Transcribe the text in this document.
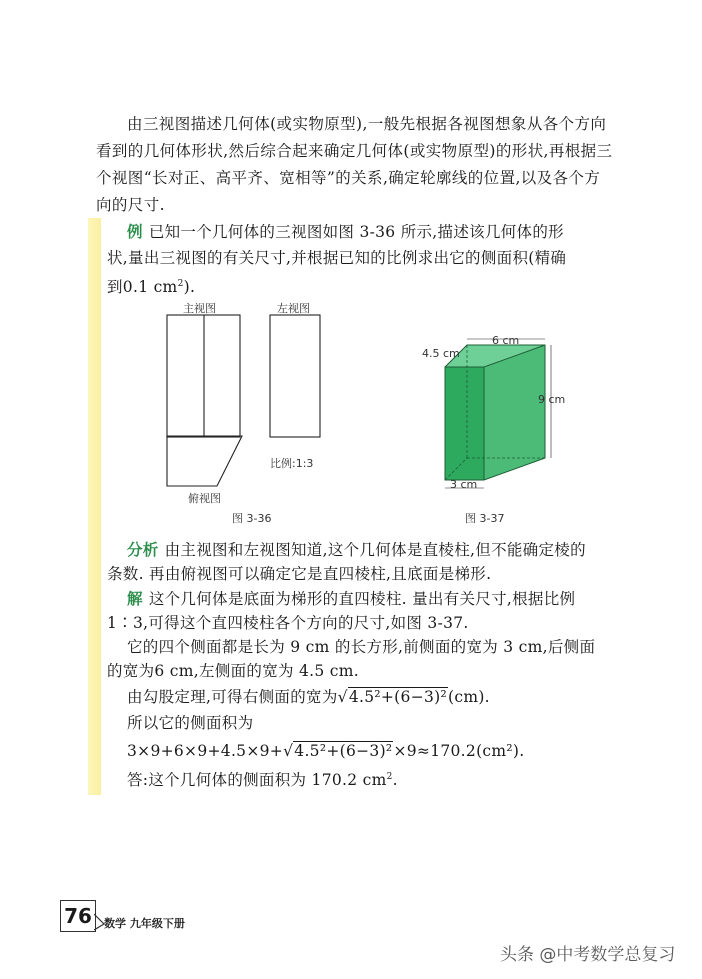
由三视图描述几何体(或实物原型),一般先根据各视图想象从各个方向看到的几何体形状,然后综合起来确定几何体(或实物原型)的形状,再根据三个视图“长对正、高平齐、宽相等”的关系,确定轮廓线的位置,以及各个方向的尺寸.

例 已知一个几何体的三视图如图 3-36 所示,描述该几何体的形
状,量出三视图的有关尺寸,并根据已知的比例求出它的侧面积(精确
到0.1 $cm^2$).
主视图	左视图
俯视图
比例:1:3
图 3-36
6 cm
4.5 cm
9 cm
3 cm
图 3-37
分析 由主视图和左视图知道,这个几何体是直棱柱,但不能确定棱的
条数. 再由俯视图可以确定它是直四棱柱,且底面是梯形.
解 这个几何体是底面为梯形的直四棱柱. 量出有关尺寸,根据比例
1∶3,可得这个直四棱柱各个方向的尺寸,如图 3-37.
它的四个侧面都是长为 9 cm 的长方形,前侧面的宽为 3 cm,后侧面
的宽为6 cm,左侧面的宽为 4.5 cm.
由勾股定理,可得右侧面的宽为√4.5²+(6−3)²(cm).
所以它的侧面积为
3×9+6×9+4.5×9+√4.5²+(6−3)²×9≈170.2(cm²).
答:这个几何体的侧面积为 170.2 $cm^2$.
76	数学 九年级下册
头条 @中考数学总复习
